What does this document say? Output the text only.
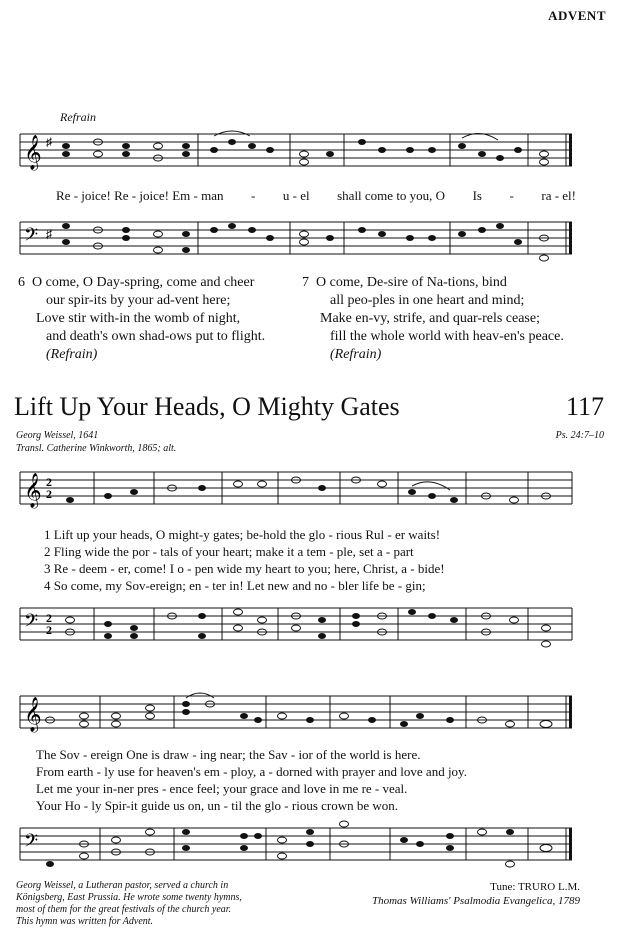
ADVENT
Refrain
𝄞 ♯
Re - joice! Re - joice! Em - man - u - el shall come to you, O Is - ra - el!
𝄢 ♯
6 O come, O Day-spring, come and cheer
our spir-its by your ad-vent here;
Love stir with-in the womb of night,
and death's own shad-ows put to flight.
(Refrain)
7 O come, De-sire of Na-tions, bind
all peo-ples in one heart and mind;
Make en-vy, strife, and quar-rels cease;
fill the whole world with heav-en's peace.
(Refrain)
Lift Up Your Heads, O Mighty Gates	117
Georg Weissel, 1641
Transl. Catherine Winkworth, 1865; alt.
Ps. 24:7–10
𝄞 2
2
1 Lift up your heads, O might-y gates; be-hold the glo - rious Rul - er waits!
2 Fling wide the por - tals of your heart; make it a tem - ple, set a - part
3 Re - deem - er, come! I o - pen wide my heart to you; here, Christ, a - bide!
4 So come, my Sov-ereign; en - ter in! Let new and no - bler life be - gin;
𝄢 2
2
𝄞
The Sov - ereign One is draw - ing near; the Sav - ior of the world is here.
From earth - ly use for heaven's em - ploy, a - dorned with prayer and love and joy.
Let me your in-ner pres - ence feel; your grace and love in me re - veal.
Your Ho - ly Spir-it guide us on, un - til the glo - rious crown be won.
𝄢
Georg Weissel, a Lutheran pastor, served a church in
Königsberg, East Prussia. He wrote some twenty hymns,
most of them for the great festivals of the church year.
This hymn was written for Advent.
Tune: TRURO L.M.
Thomas Williams' Psalmodia Evangelica, 1789
